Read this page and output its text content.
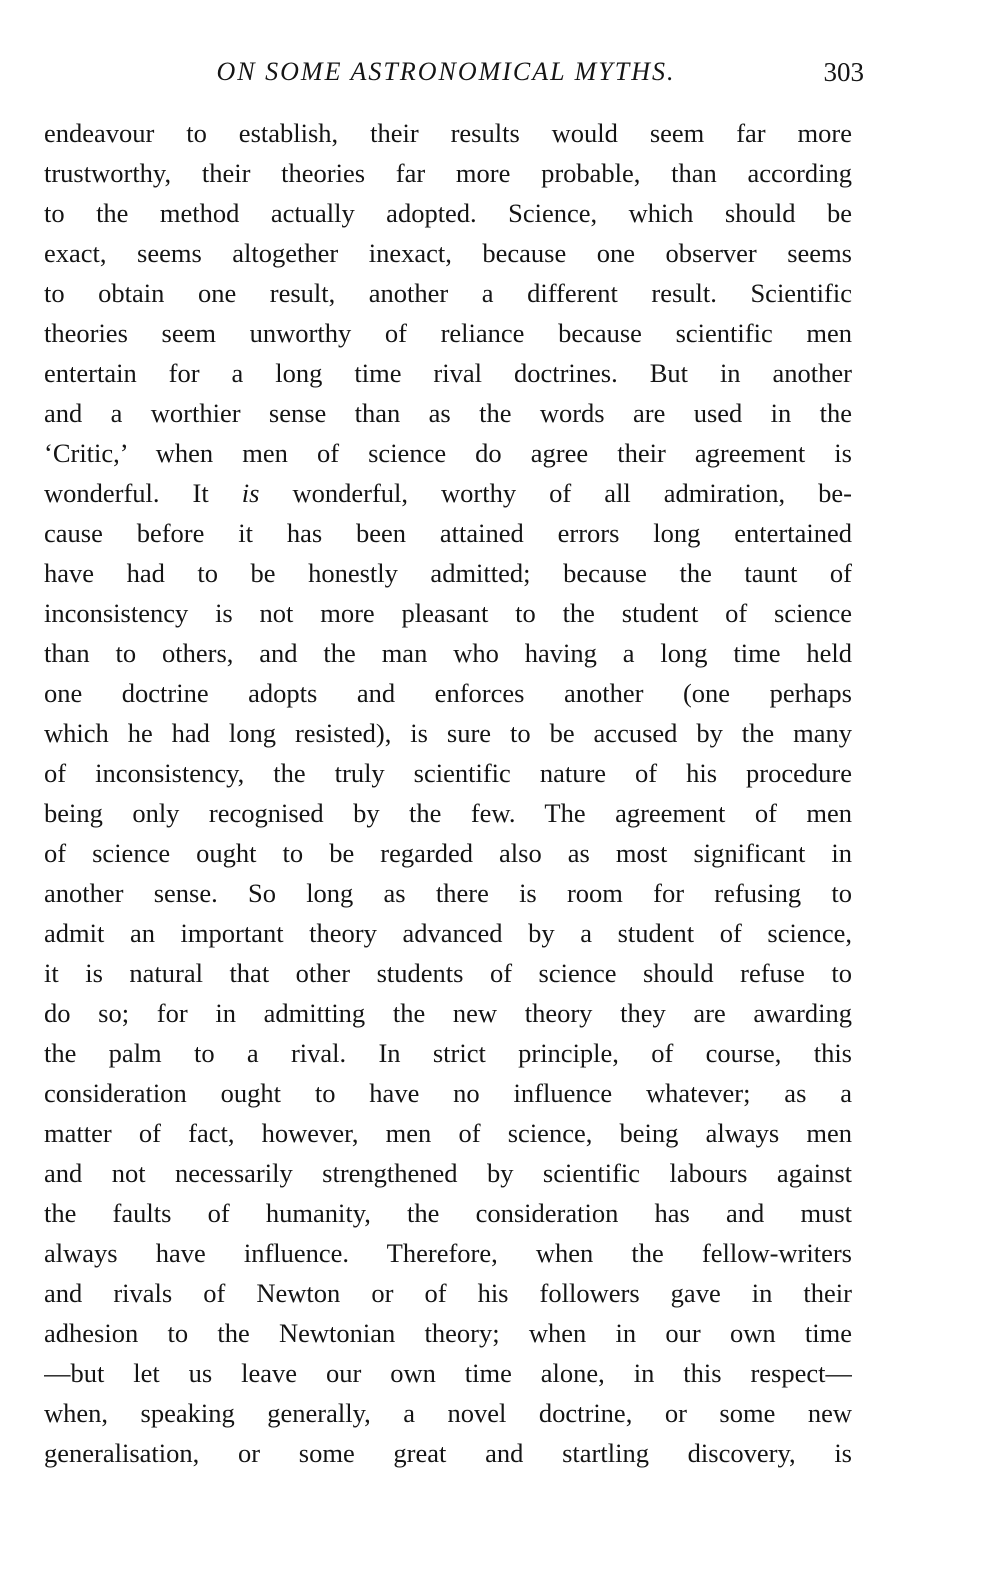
ON SOME ASTRONOMICAL MYTHS.	303
endeavour to establish, their results would seem far more
trustworthy, their theories far more probable, than according
to the method actually adopted. Science, which should be
exact, seems altogether inexact, because one observer seems
to obtain one result, another a different result. Scientific
theories seem unworthy of reliance because scientific men
entertain for a long time rival doctrines. But in another
and a worthier sense than as the words are used in the
‘Critic,’ when men of science do agree their agreement is
wonderful. It is wonderful, worthy of all admiration, be-
cause before it has been attained errors long entertained
have had to be honestly admitted; because the taunt of
inconsistency is not more pleasant to the student of science
than to others, and the man who having a long time held
one doctrine adopts and enforces another (one perhaps
which he had long resisted), is sure to be accused by the many
of inconsistency, the truly scientific nature of his procedure
being only recognised by the few. The agreement of men
of science ought to be regarded also as most significant in
another sense. So long as there is room for refusing to
admit an important theory advanced by a student of science,
it is natural that other students of science should refuse to
do so; for in admitting the new theory they are awarding
the palm to a rival. In strict principle, of course, this
consideration ought to have no influence whatever; as a
matter of fact, however, men of science, being always men
and not necessarily strengthened by scientific labours against
the faults of humanity, the consideration has and must
always have influence. Therefore, when the fellow-writers
and rivals of Newton or of his followers gave in their
adhesion to the Newtonian theory; when in our own time
—but let us leave our own time alone, in this respect—
when, speaking generally, a novel doctrine, or some new
generalisation, or some great and startling discovery, is
